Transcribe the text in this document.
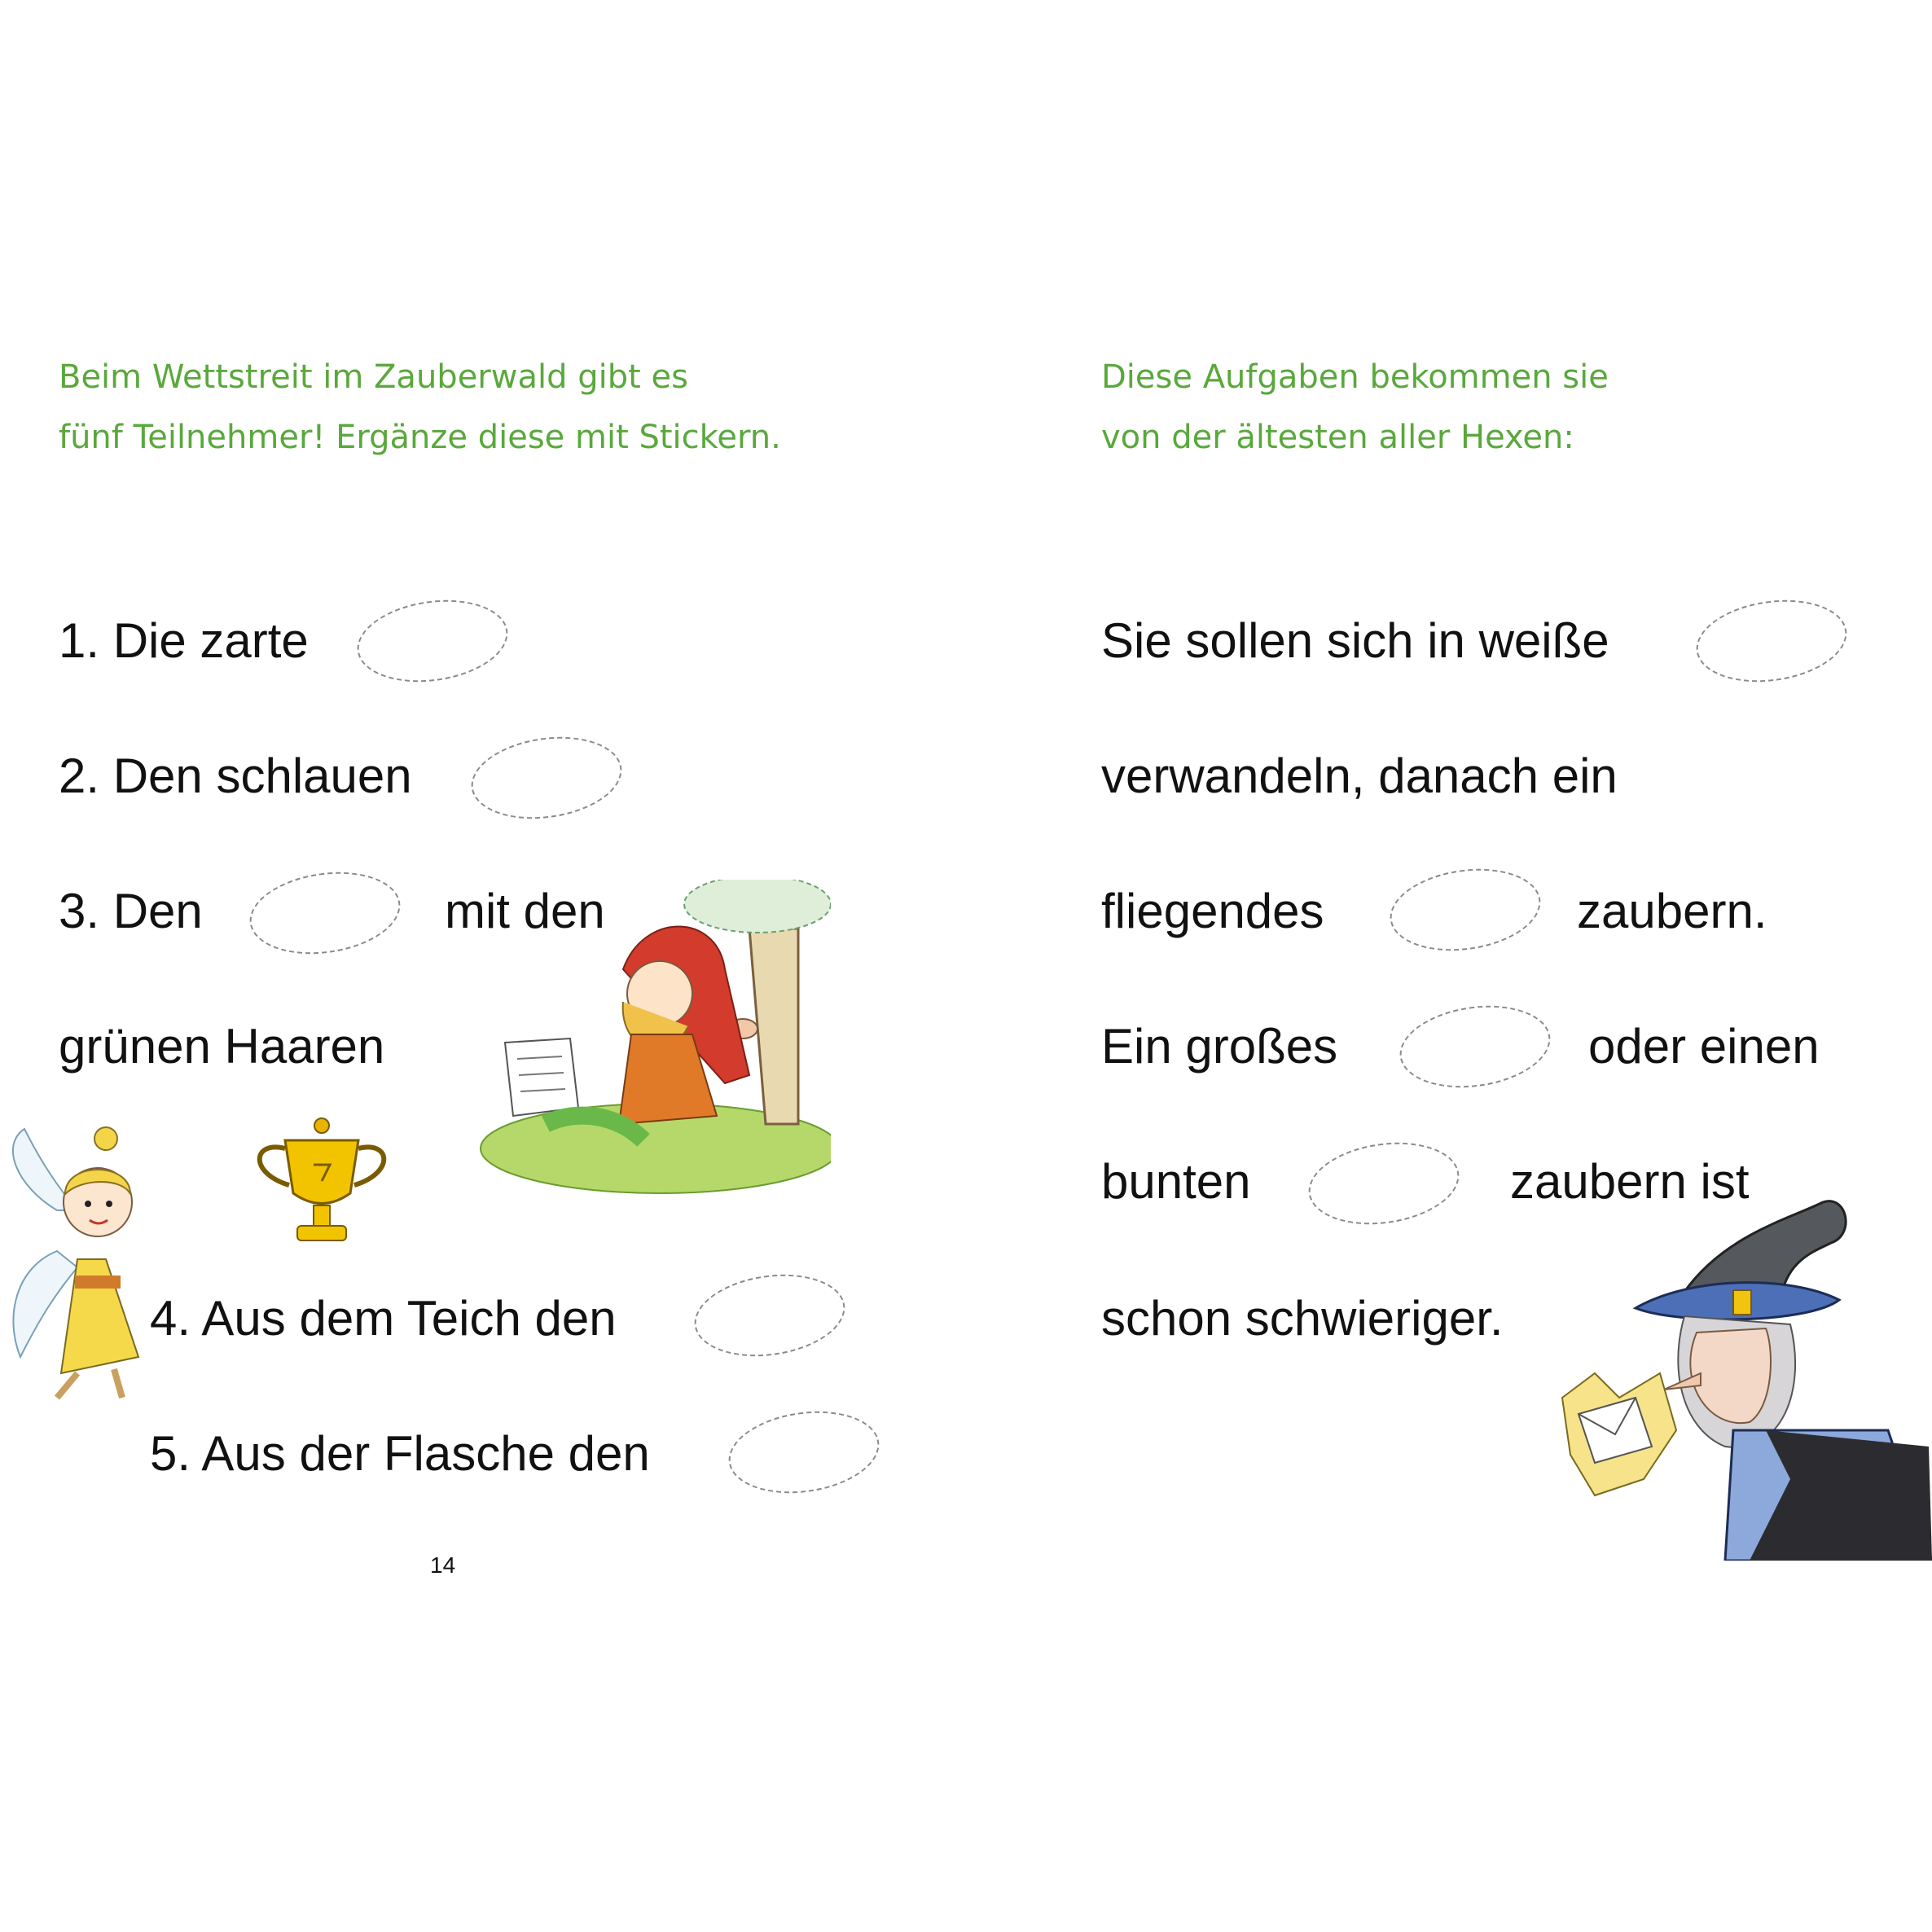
Beim Wettstreit im Zauberwald gibt es
fünf Teilnehmer! Ergänze diese mit Stickern.
1. Die zarte
2. Den schlauen
3. Den	mit den
grünen Haaren
4. Aus dem Teich den
5. Aus der Flasche den
14
Diese Aufgaben bekommen sie
von der ältesten aller Hexen:
Sie sollen sich in weiße
verwandeln, danach ein
fliegendes	zaubern.
Ein großes	oder einen
bunten	zaubern ist
schon schwieriger.
